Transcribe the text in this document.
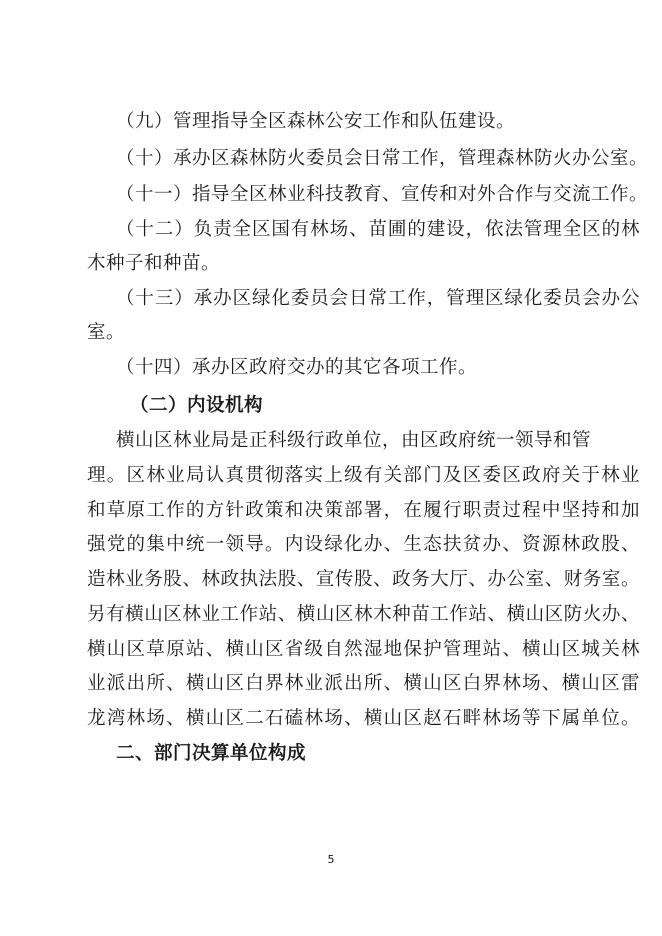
（九）管理指导全区森林公安工作和队伍建设。
（十）承办区森林防火委员会日常工作，管理森林防火办公室。
（十一）指导全区林业科技教育、宣传和对外合作与交流工作。
（十二）负责全区国有林场、苗圃的建设，依法管理全区的林
木种子和种苗。
（十三）承办区绿化委员会日常工作，管理区绿化委员会办公
室。
（十四）承办区政府交办的其它各项工作。
（二）内设机构
横山区林业局是正科级行政单位，由区政府统一领导和管
理。区林业局认真贯彻落实上级有关部门及区委区政府关于林业
和草原工作的方针政策和决策部署，在履行职责过程中坚持和加
强党的集中统一领导。内设绿化办、生态扶贫办、资源林政股、
造林业务股、林政执法股、宣传股、政务大厅、办公室、财务室。
另有横山区林业工作站、横山区林木种苗工作站、横山区防火办、
横山区草原站、横山区省级自然湿地保护管理站、横山区城关林
业派出所、横山区白界林业派出所、横山区白界林场、横山区雷
龙湾林场、横山区二石磕林场、横山区赵石畔林场等下属单位。
二、部门决算单位构成
5
